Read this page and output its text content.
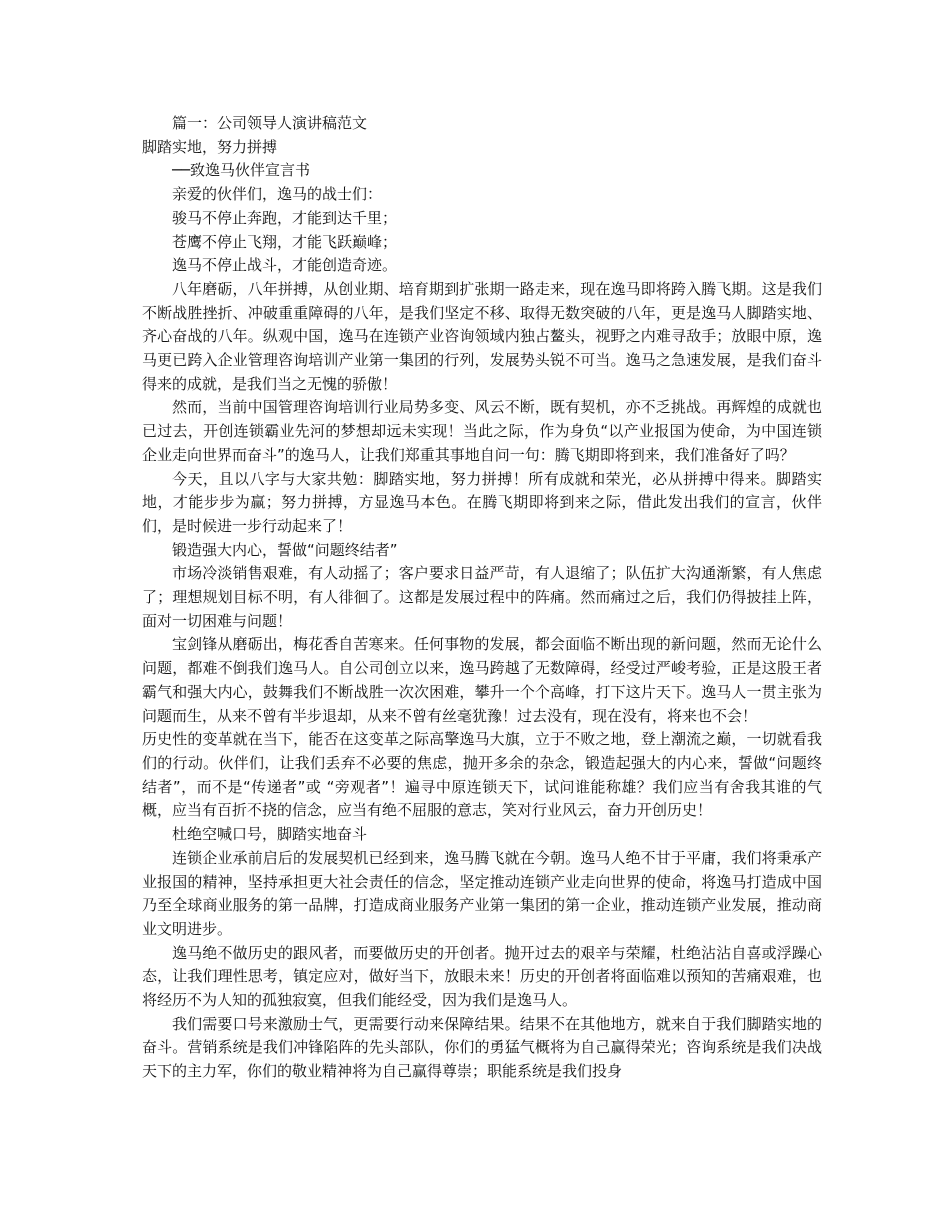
篇一：公司领导人演讲稿范文

脚踏实地，努力拼搏

──致逸马伙伴宣言书

亲爱的伙伴们，逸马的战士们：

骏马不停止奔跑，才能到达千里；

苍鹰不停止飞翔，才能飞跃巅峰；

逸马不停止战斗，才能创造奇迹。

八年磨砺，八年拼搏，从创业期、培育期到扩张期一路走来，现在逸马即将跨入腾飞期。这是我们不断战胜挫折、冲破重重障碍的八年，是我们坚定不移、取得无数突破的八年，更是逸马人脚踏实地、齐心奋战的八年。纵观中国，逸马在连锁产业咨询领域内独占鳌头，视野之内难寻敌手；放眼中原，逸马更已跨入企业管理咨询培训产业第一集团的行列，发展势头锐不可当。逸马之急速发展，是我们奋斗得来的成就，是我们当之无愧的骄傲！

然而，当前中国管理咨询培训行业局势多变、风云不断，既有契机，亦不乏挑战。再辉煌的成就也已过去，开创连锁霸业先河的梦想却远未实现！当此之际，作为身负“以产业报国为使命，为中国连锁企业走向世界而奋斗”的逸马人，让我们郑重其事地自问一句：腾飞期即将到来，我们准备好了吗？

今天，且以八字与大家共勉：脚踏实地，努力拼搏！所有成就和荣光，必从拼搏中得来。脚踏实地，才能步步为赢；努力拼搏，方显逸马本色。在腾飞期即将到来之际，借此发出我们的宣言，伙伴们，是时候进一步行动起来了！

锻造强大内心，誓做“问题终结者”

市场冷淡销售艰难，有人动摇了；客户要求日益严苛，有人退缩了；队伍扩大沟通渐繁，有人焦虑了；理想规划目标不明，有人徘徊了。这都是发展过程中的阵痛。然而痛过之后，我们仍得披挂上阵，面对一切困难与问题！

宝剑锋从磨砺出，梅花香自苦寒来。任何事物的发展，都会面临不断出现的新问题，然而无论什么问题，都难不倒我们逸马人。自公司创立以来，逸马跨越了无数障碍，经受过严峻考验，正是这股王者霸气和强大内心，鼓舞我们不断战胜一次次困难，攀升一个个高峰，打下这片天下。逸马人一贯主张为问题而生，从来不曾有半步退却，从来不曾有丝毫犹豫！过去没有，现在没有，将来也不会！

历史性的变革就在当下，能否在这变革之际高擎逸马大旗，立于不败之地，登上潮流之巅，一切就看我们的行动。伙伴们，让我们丢弃不必要的焦虑，抛开多余的杂念，锻造起强大的内心来，誓做“问题终结者”，而不是“传递者”或 “旁观者”！遍寻中原连锁天下，试问谁能称雄？我们应当有舍我其谁的气概，应当有百折不挠的信念，应当有绝不屈服的意志，笑对行业风云，奋力开创历史！

杜绝空喊口号，脚踏实地奋斗

连锁企业承前启后的发展契机已经到来，逸马腾飞就在今朝。逸马人绝不甘于平庸，我们将秉承产业报国的精神，坚持承担更大社会责任的信念，坚定推动连锁产业走向世界的使命，将逸马打造成中国乃至全球商业服务的第一品牌，打造成商业服务产业第一集团的第一企业，推动连锁产业发展，推动商业文明进步。

逸马绝不做历史的跟风者，而要做历史的开创者。抛开过去的艰辛与荣耀，杜绝沾沾自喜或浮躁心态，让我们理性思考，镇定应对，做好当下，放眼未来！历史的开创者将面临难以预知的苦痛艰难，也将经历不为人知的孤独寂寞，但我们能经受，因为我们是逸马人。

我们需要口号来激励士气，更需要行动来保障结果。结果不在其他地方，就来自于我们脚踏实地的奋斗。营销系统是我们冲锋陷阵的先头部队，你们的勇猛气概将为自己赢得荣光；咨询系统是我们决战天下的主力军，你们的敬业精神将为自己赢得尊崇；职能系统是我们投身
